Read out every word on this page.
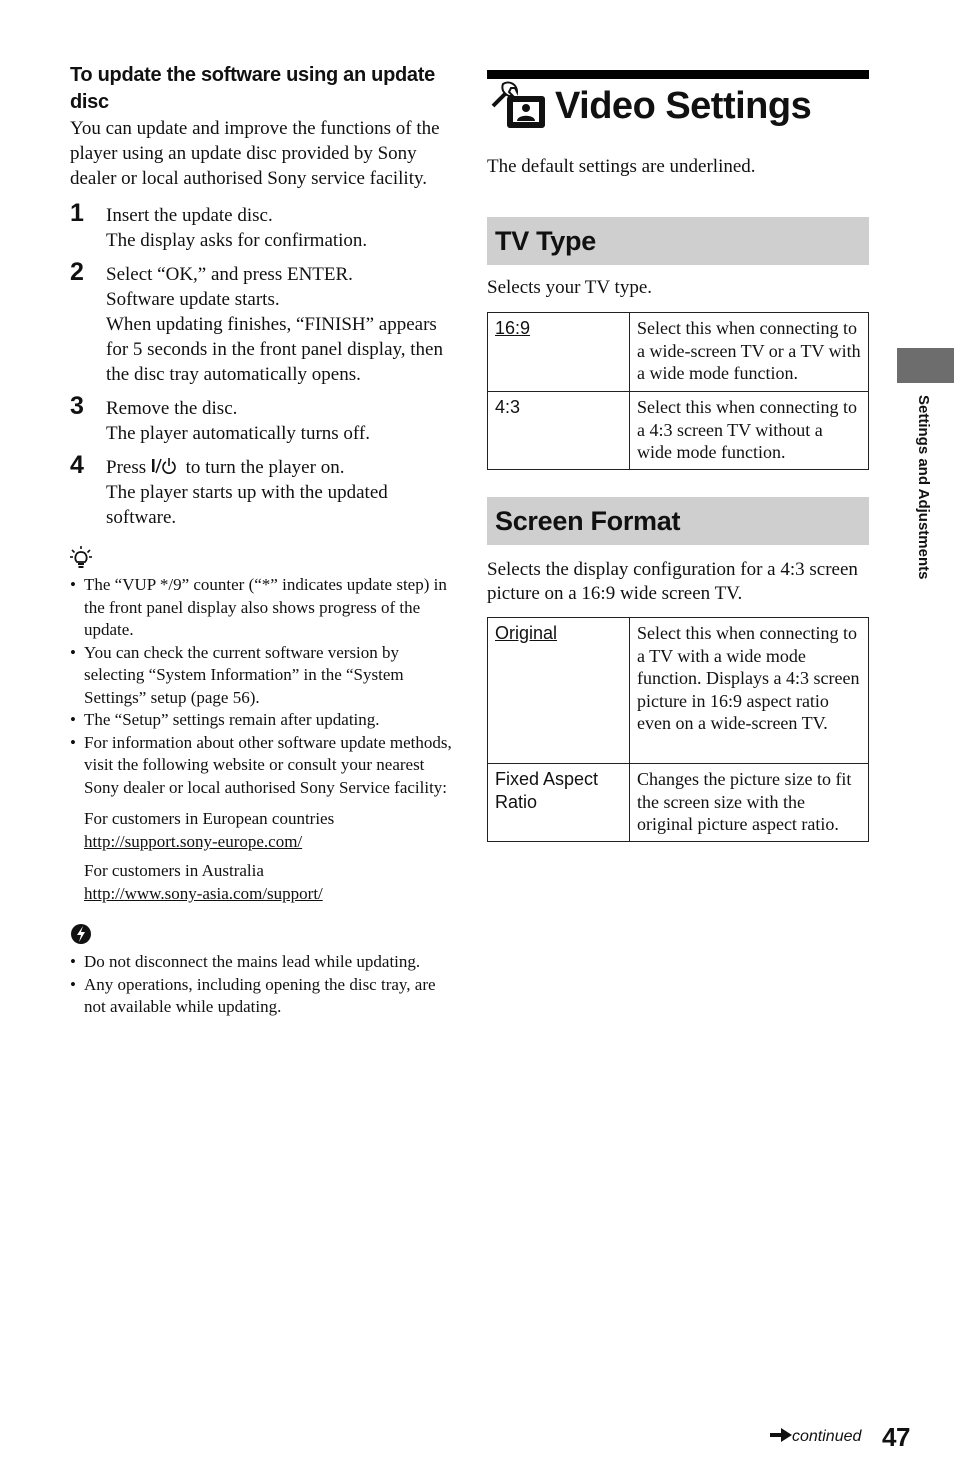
To update the software using an update disc

You can update and improve the functions of the player using an update disc provided by Sony dealer or local authorised Sony service facility.

1 Insert the update disc.

The display asks for confirmation.

2 Select “OK,” and press ENTER.

Software update starts.

When updating finishes, “FINISH” appears for 5 seconds in the front panel display, then the disc tray automatically opens.

3 Remove the disc.

The player automatically turns off.

4 Press  to turn the player on.

The player starts up with the updated software.

• The “VUP */9” counter (“*” indicates update step) in the front panel display also shows progress of the update.
• You can check the current software version by selecting “System Information” in the “System Settings” setup (page 56).
• The “Setup” settings remain after updating.
• For information about other software update methods, visit the following website or consult your nearest Sony dealer or local authorised Sony Service facility:
For customers in European countries
http://support.sony-europe.com/
For customers in Australia
http://www.sony-asia.com/support/
• Do not disconnect the mains lead while updating.
• Any operations, including opening the disc tray, are not available while updating.
Video Settings
The default settings are underlined.
TV Type
Selects your TV type.
16:9	Select this when connecting to a wide-screen TV or a TV with a wide mode function.
4:3	Select this when connecting to a 4:3 screen TV without a wide mode function.
Screen Format
Selects the display configuration for a 4:3 screen picture on a 16:9 wide screen TV.
Original	Select this when connecting to a TV with a wide mode function. Displays a 4:3 screen picture in 16:9 aspect ratio even on a wide-screen TV.
Fixed Aspect Ratio	Changes the picture size to fit the screen size with the original picture aspect ratio.
Settings and Adjustments
continued 47
